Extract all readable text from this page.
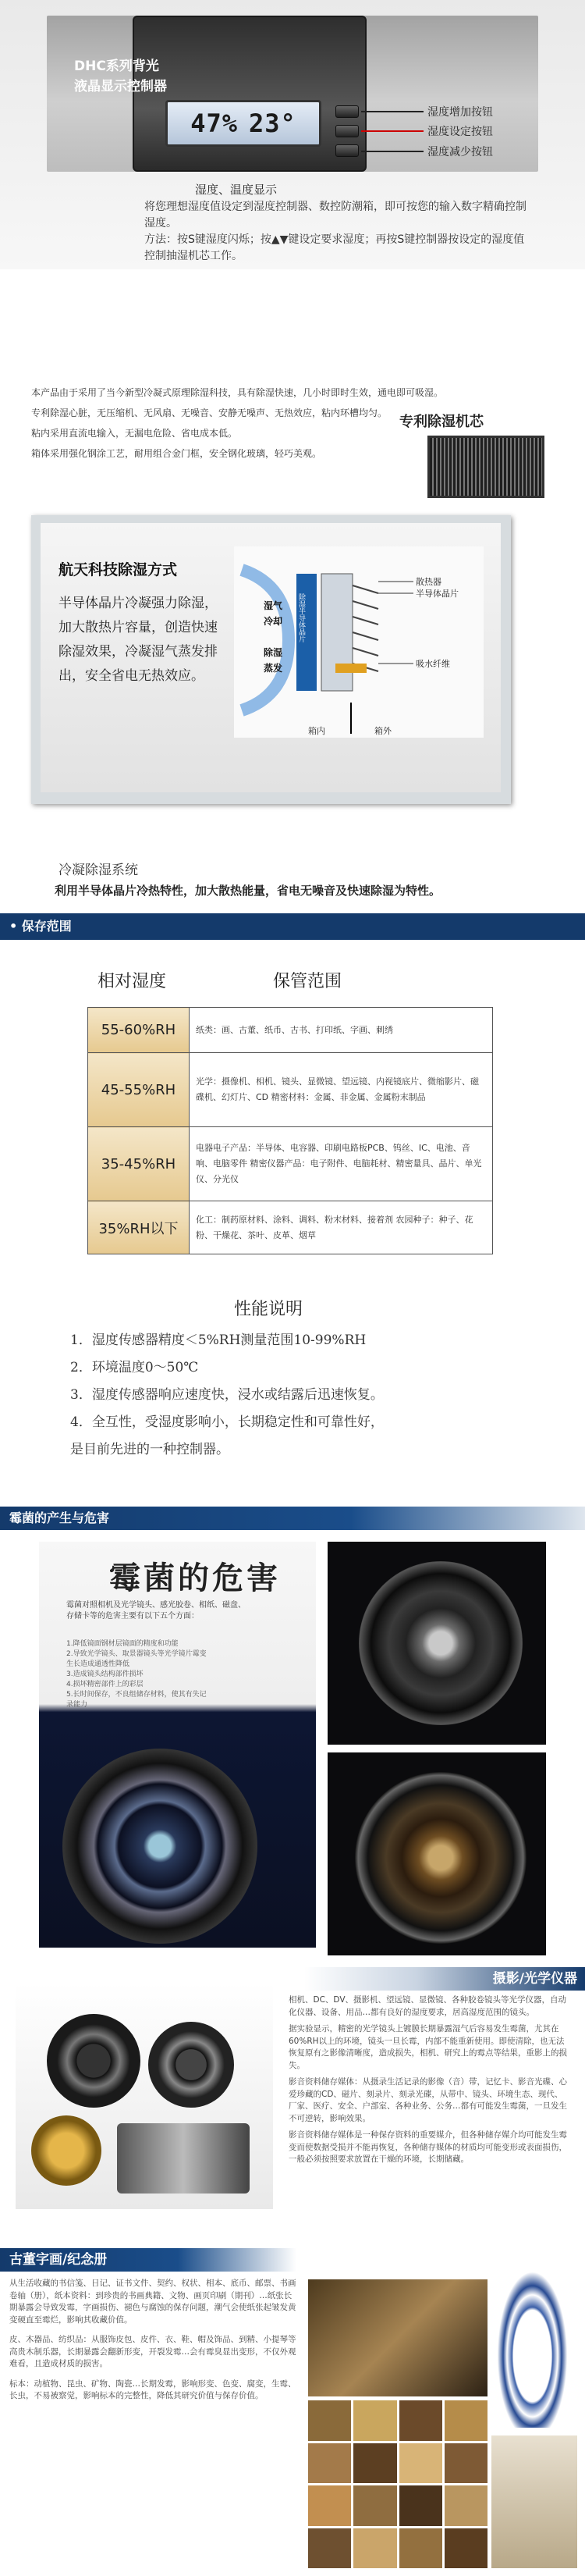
DHC系列背光
液晶显示控制器
47% 23°	湿度增加按钮
湿度设定按钮
湿度减少按钮
湿度、温度显示

将您理想湿度值设定到湿度控制器、数控防潮箱，即可按您的输入数字精确控制湿度。

方法：按S键湿度闪烁；按▲▼键设定要求湿度；再按S键控制器按设定的湿度值控制抽湿机芯工作。

本产品由于采用了当今新型冷凝式原理除湿科技，具有除湿快速，几小时即时生效，通电即可吸湿。
专利除湿心脏，无压缩机、无风扇、无噪音、安静无噪声、无热效应，粘内环槽均匀。
粘内采用直流电输入，无漏电危险、省电成本低。
箱体采用强化钢涂工艺，耐用组合金门框，安全钢化玻璃，轻巧美观。
专利除湿机芯
航天科技除湿方式
半导体晶片冷凝强力除湿，加大散热片容量，创造快速除湿效果，冷凝湿气蒸发排出，安全省电无热效应。
散热器
半导体晶片
吸水纤维
箱内	箱外
湿气
冷却
除湿
蒸发
除湿半导体晶片
冷凝除湿系统
利用半导体晶片冷热特性，加大散热能量，省电无噪音及快速除湿为特性。
• 保存范围
相对湿度	保管范围
55-60%RH	纸类：画、古董、纸币、古书、打印纸、字画、刺绣
45-55%RH	光学：摄像机、相机、镜头、显微镜、望远镜、内视镜底片、微缩影片、磁碟机、幻灯片、CD 精密材料：金属、非金属、金属粉末制品
35-45%RH	电器电子产品：半导体、电容器、印刷电路板PCB、钨丝、IC、电池、音响、电脑零件 精密仪器产品：电子附件、电脑耗材、精密量具、晶片、单光仪、分光仪
35%RH以下	化工：制药原材料、涂料、调料、粉末材料、接着剂 农园种子：种子、花粉、干燥花、茶叶、皮革、烟草
性能说明
1．湿度传感器精度＜5%RH测量范围10-99%RH
2．环境温度0～50℃
3．湿度传感器响应速度快，浸水或结露后迅速恢复。
4．全互性，受湿度影响小，长期稳定性和可靠性好，
是目前先进的一种控制器。
霉菌的产生与危害
霉菌的危害
霉菌对照相机及光学镜头、感光胶卷、相纸、磁盘、存储卡等的危害主要有以下五个方面：
1.降低镜面钢材层镜面的精度和功能
2.导致光学镜头、取景器镜头等光学镜片霉变生长造成通透性降低
3.造成镜头结构部件损坏
4.损坏精密部件上的彩层
5.长时间保存，不良组储存材料，使其有失记录能力
摄影/光学仪器

相机、DC、DV、摄影机、望远镜、显微镜、各种胶卷镜头等光学仪器，自动化仪器、设备、用品…都有良好的湿度要求，居高湿度范围的镜头。

据实验显示，精密的光学镜头上镀膜长期暴露湿气后容易发生霉菌，尤其在60%RH以上的环境，镜头一旦长霉，内部不能重新使用。即使清除，也无法恢复原有之影像清晰度，造成损失，相机、研究上的霉点等结果，重影上的损失。

影音资料储存媒体：从摄录生活记录的影像（音）带，记忆卡、影音光碟、心爱珍藏的CD、磁片、刻录片、刻录光碟，从带中、镜头、环境生态、现代、厂家、医疗、安全、户部室、各种业务、公务…都有可能发生霉菌，一旦发生不可逆转，影响效果。

影音资料储存媒体是一种保存资料的重要媒介，但各种储存媒介均可能发生霉变而使数据受损并不能再恢复，各种储存媒体的材质均可能变形或表面损伤，一般必须按照要求放置在干燥的环境，长期储藏。

古董字画/纪念册

从生活收藏的书信笺、日记、证书文件、契约、权状、相本、底币、邮票、书画卷轴（册），纸本资料：到珍贵的书画典籍、文物、画页印刷（期刊）…纸张长期暴露会导致发霉，字画损伤、褪色与腐蚀的保存问题，潮气会使纸张起皱发黄变硬直至霉烂，影响其收藏价值。

皮、木器品、纺织品：从服饰皮包、皮件、衣、鞋、帽及饰品、到精、小提琴等高贵木制乐器，长期暴露会翻新形变，开裂发霉…会有霉臭显出变形，不仅外观难看，且造成材质的损害。

标本：动植物、昆虫、矿物、陶瓷…长期发霉，影响形变、色变、腐变，生霉、长虫，不易被察觉，影响标本的完整性，降低其研究价值与保存价值。
